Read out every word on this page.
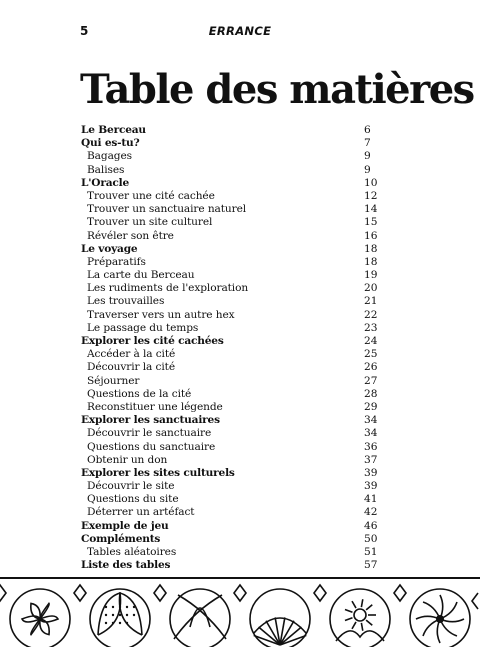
5	ERRANCE
Table des matières
Le Berceau	6
Qui es-tu?	7
Bagages	9
Balises	9
L'Oracle	10
Trouver une cité cachée	12
Trouver un sanctuaire naturel	14
Trouver un site culturel	15
Révéler son être	16
Le voyage	18
Préparatifs	18
La carte du Berceau	19
Les rudiments de l'exploration	20
Les trouvailles	21
Traverser vers un autre hex	22
Le passage du temps	23
Explorer les cité cachées	24
Accéder à la cité	25
Découvrir la cité	26
Séjourner	27
Questions de la cité	28
Reconstituer une légende	29
Explorer les sanctuaires	34
Découvrir le sanctuaire	34
Questions du sanctuaire	36
Obtenir un don	37
Explorer les sites culturels	39
Découvrir le site	39
Questions du site	41
Déterrer un artéfact	42
Exemple de jeu	46
Compléments	50
Tables aléatoires	51
Liste des tables	57
